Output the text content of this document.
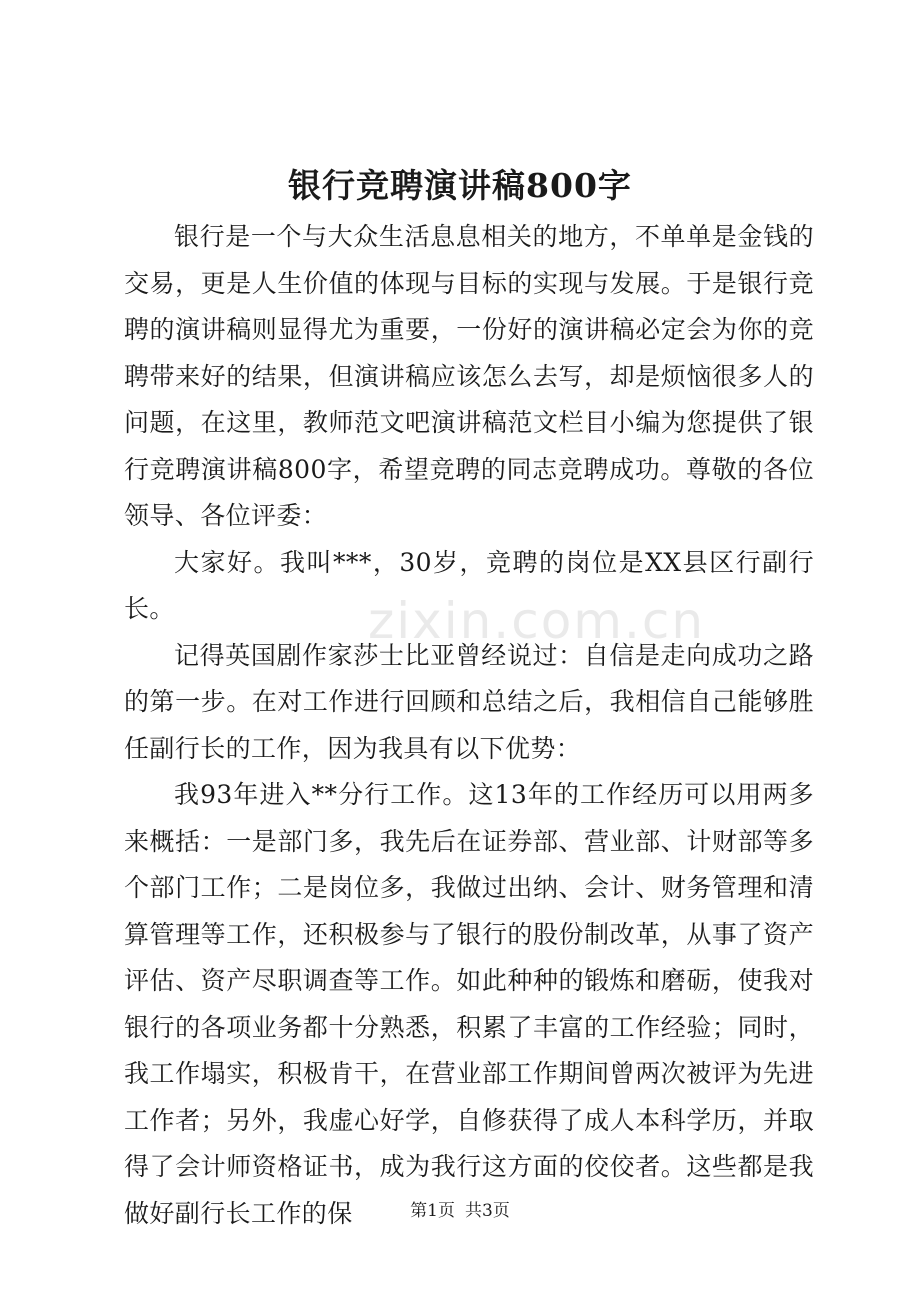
银行竞聘演讲稿800字

银行是一个与大众生活息息相关的地方，不单单是金钱的交易，更是人生价值的体现与目标的实现与发展。于是银行竞聘的演讲稿则显得尤为重要，一份好的演讲稿必定会为你的竞聘带来好的结果，但演讲稿应该怎么去写，却是烦恼很多人的问题，在这里，教师范文吧演讲稿范文栏目小编为您提供了银行竞聘演讲稿800字，希望竞聘的同志竞聘成功。尊敬的各位领导、各位评委：

大家好。我叫***，30岁，竞聘的岗位是XX县区行副行长。

记得英国剧作家莎士比亚曾经说过：自信是走向成功之路的第一步。在对工作进行回顾和总结之后，我相信自己能够胜任副行长的工作，因为我具有以下优势：

我93年进入**分行工作。这13年的工作经历可以用两多来概括：一是部门多，我先后在证券部、营业部、计财部等多个部门工作；二是岗位多，我做过出纳、会计、财务管理和清算管理等工作，还积极参与了银行的股份制改革，从事了资产评估、资产尽职调查等工作。如此种种的锻炼和磨砺，使我对银行的各项业务都十分熟悉，积累了丰富的工作经验；同时，我工作塌实，积极肯干，在营业部工作期间曾两次被评为先进工作者；另外，我虚心好学，自修获得了成人本科学历，并取得了会计师资格证书，成为我行这方面的佼佼者。这些都是我做好副行长工作的保

zixin.com.cn
第1页 共3页
